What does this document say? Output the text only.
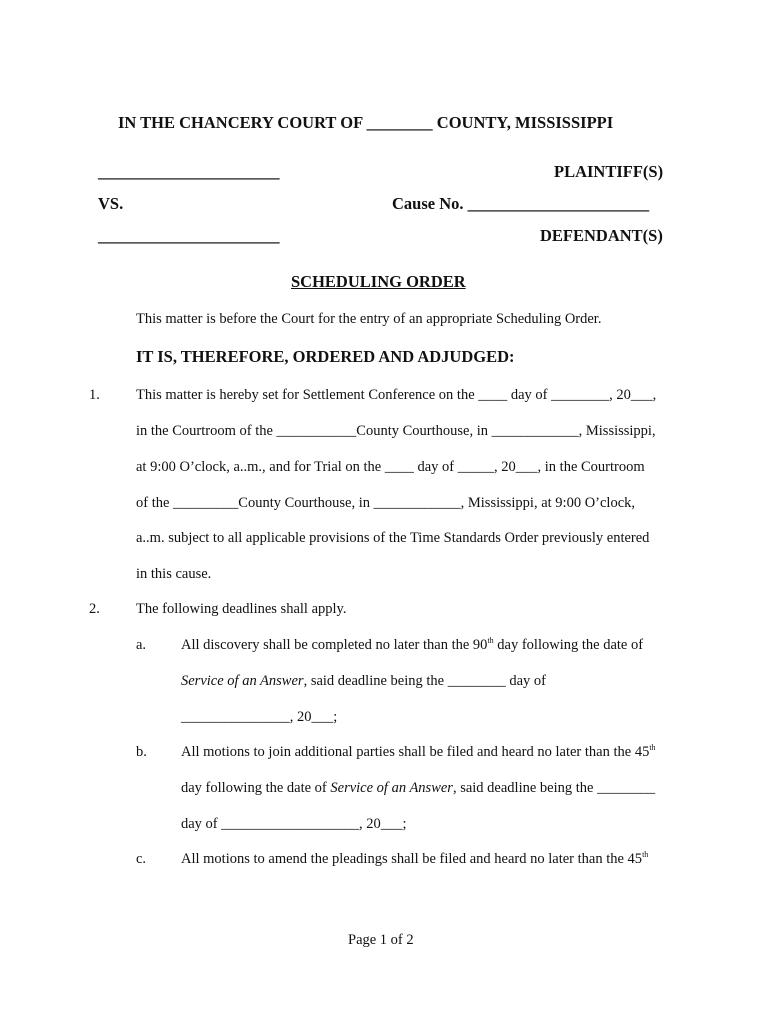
IN THE CHANCERY COURT OF ________ COUNTY, MISSISSIPPI
______________________	PLAINTIFF(S)
VS.	Cause No. ______________________
______________________	DEFENDANT(S)
SCHEDULING ORDER
This matter is before the Court for the entry of an appropriate Scheduling Order.
IT IS, THEREFORE, ORDERED AND ADJUDGED:
1. This matter is hereby set for Settlement Conference on the ____ day of ________, 20___,
in the Courtroom of the ___________County Courthouse, in ____________, Mississippi,
at 9:00 O’clock, a..m., and for Trial on the ____ day of _____, 20___, in the Courtroom
of the _________County Courthouse, in ____________, Mississippi, at 9:00 O’clock,
a..m. subject to all applicable provisions of the Time Standards Order previously entered
in this cause.
2. The following deadlines shall apply.
a. All discovery shall be completed no later than the 90th day following the date of
Service of an Answer, said deadline being the ________ day of
_______________, 20___;
b. All motions to join additional parties shall be filed and heard no later than the 45th
day following the date of Service of an Answer, said deadline being the ________
day of ___________________, 20___;
c. All motions to amend the pleadings shall be filed and heard no later than the 45th
Page 1 of 2
